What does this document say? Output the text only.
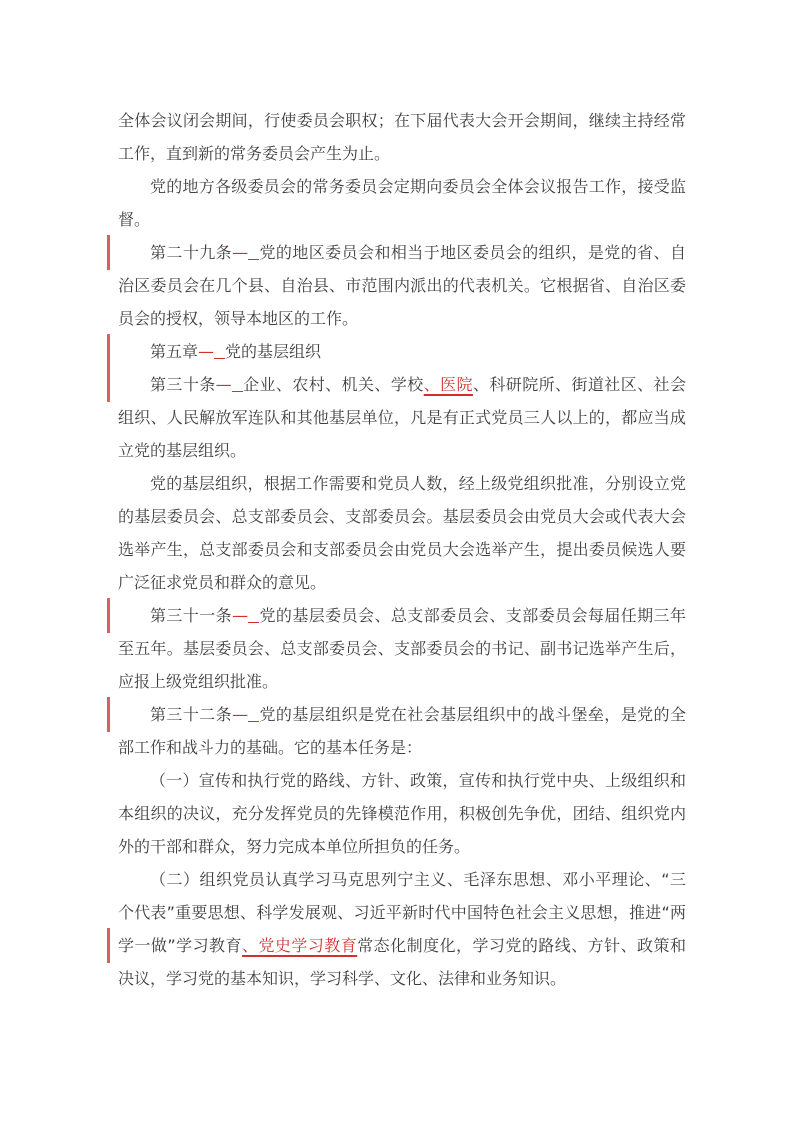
全体会议闭会期间，行使委员会职权；在下届代表大会开会期间，继续主持经常工作，直到新的常务委员会产生为止。

党的地方各级委员会的常务委员会定期向委员会全体会议报告工作，接受监督。

第二十九条— 党的地区委员会和相当于地区委员会的组织，是党的省、自治区委员会在几个县、自治县、市范围内派出的代表机关。它根据省、自治区委员会的授权，领导本地区的工作。

第五章— 党的基层组织

第三十条— 企业、农村、机关、学校、医院、科研院所、街道社区、社会组织、人民解放军连队和其他基层单位，凡是有正式党员三人以上的，都应当成立党的基层组织。

党的基层组织，根据工作需要和党员人数，经上级党组织批准，分别设立党的基层委员会、总支部委员会、支部委员会。基层委员会由党员大会或代表大会选举产生，总支部委员会和支部委员会由党员大会选举产生，提出委员候选人要广泛征求党员和群众的意见。

第三十一条— 党的基层委员会、总支部委员会、支部委员会每届任期三年至五年。基层委员会、总支部委员会、支部委员会的书记、副书记选举产生后，应报上级党组织批准。

第三十二条— 党的基层组织是党在社会基层组织中的战斗堡垒，是党的全部工作和战斗力的基础。它的基本任务是：

（一）宣传和执行党的路线、方针、政策，宣传和执行党中央、上级组织和本组织的决议，充分发挥党员的先锋模范作用，积极创先争优，团结、组织党内外的干部和群众，努力完成本单位所担负的任务。

（二）组织党员认真学习马克思列宁主义、毛泽东思想、邓小平理论、“三个代表”重要思想、科学发展观、习近平新时代中国特色社会主义思想，推进“两学一做”学习教育、党史学习教育常态化制度化，学习党的路线、方针、政策和决议，学习党的基本知识，学习科学、文化、法律和业务知识。
